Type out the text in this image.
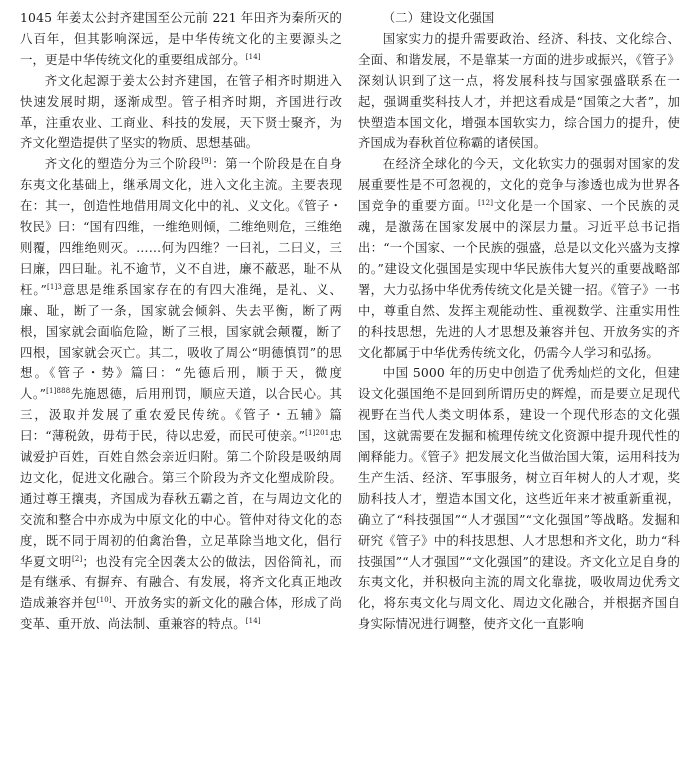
1045 年姜太公封齐建国至公元前 221 年田齐为秦所灭的八百年，但其影响深远，是中华传统文化的主要源头之一，更是中华传统文化的重要组成部分。[14]

齐文化起源于姜太公封齐建国，在管子相齐时期进入快速发展时期，逐渐成型。管子相齐时期，齐国进行改革，注重农业、工商业、科技的发展，天下贤士聚齐，为齐文化塑造提供了坚实的物质、思想基础。

齐文化的塑造分为三个阶段[9]：第一个阶段是在自身东夷文化基础上，继承周文化，进入文化主流。主要表现在：其一，创造性地借用周文化中的礼、义文化。《管子・牧民》曰：“国有四维，一维绝则倾，二维绝则危，三维绝则覆，四维绝则灭。……何为四维？一曰礼，二曰义，三曰廉，四曰耻。礼不逾节，义不自进，廉不蔽恶，耻不从枉。”$^{[1]3}$意思是维系国家存在的有四大准绳，是礼、义、廉、耻，断了一条，国家就会倾斜、失去平衡，断了两根，国家就会面临危险，断了三根，国家就会颠覆，断了四根，国家就会灭亡。其二，吸收了周公“明德慎罚”的思想。《管子・势》篇曰：“先德后刑，顺于天，微度人。”$^{[1]888}$先施恩德，后用刑罚，顺应天道，以合民心。其三，汲取并发展了重农爱民传统。《管子・五辅》篇曰：“薄税敛，毋苟于民，待以忠爱，而民可使亲。”$^{[1]201}$忠诚爱护百姓，百姓自然会亲近归附。第二个阶段是吸纳周边文化，促进文化融合。第三个阶段为齐文化塑成阶段。通过尊王攘夷，齐国成为春秋五霸之首，在与周边文化的交流和整合中亦成为中原文化的中心。管仲对待文化的态度，既不同于周初的伯禽治鲁，立足革除当地文化，倡行华夏文明[2]；也没有完全因袭太公的做法，因俗简礼，而是有继承、有摒弃、有融合、有发展，将齐文化真正地改造成兼容并包[10]、开放务实的新文化的融合体，形成了尚变革、重开放、尚法制、重兼容的特点。[14]

（二）建设文化强国

国家实力的提升需要政治、经济、科技、文化综合、全面、和谐发展，不是靠某一方面的进步或振兴，《管子》深刻认识到了这一点，将发展科技与国家强盛联系在一起，强调重奖科技人才，并把这看成是“国策之大者”，加快塑造本国文化，增强本国软实力，综合国力的提升，使齐国成为春秋首位称霸的诸侯国。

在经济全球化的今天，文化软实力的强弱对国家的发展重要性是不可忽视的，文化的竞争与渗透也成为世界各国竞争的重要方面。[12]文化是一个国家、一个民族的灵魂，是激荡在国家发展中的深层力量。习近平总书记指出：“一个国家、一个民族的强盛，总是以文化兴盛为支撑的。”建设文化强国是实现中华民族伟大复兴的重要战略部署，大力弘扬中华优秀传统文化是关键一招。《管子》一书中，尊重自然、发挥主观能动性、重视数学、注重实用性的科技思想，先进的人才思想及兼容并包、开放务实的齐文化都属于中华优秀传统文化，仍需今人学习和弘扬。

中国 5000 年的历史中创造了优秀灿烂的文化，但建设文化强国绝不是回到所谓历史的辉煌，而是要立足现代视野在当代人类文明体系，建设一个现代形态的文化强国，这就需要在发掘和梳理传统文化资源中提升现代性的阐释能力。《管子》把发展文化当做治国大策，运用科技为生产生活、经济、军事服务，树立百年树人的人才观，奖励科技人才，塑造本国文化，这些近年来才被重新重视，确立了“科技强国”“人才强国”“文化强国”等战略。发掘和研究《管子》中的科技思想、人才思想和齐文化，助力“科技强国”“人才强国”“文化强国”的建设。齐文化立足自身的东夷文化，并积极向主流的周文化靠拢，吸收周边优秀文化，将东夷文化与周文化、周边文化融合，并根据齐国自身实际情况进行调整，使齐文化一直影响
